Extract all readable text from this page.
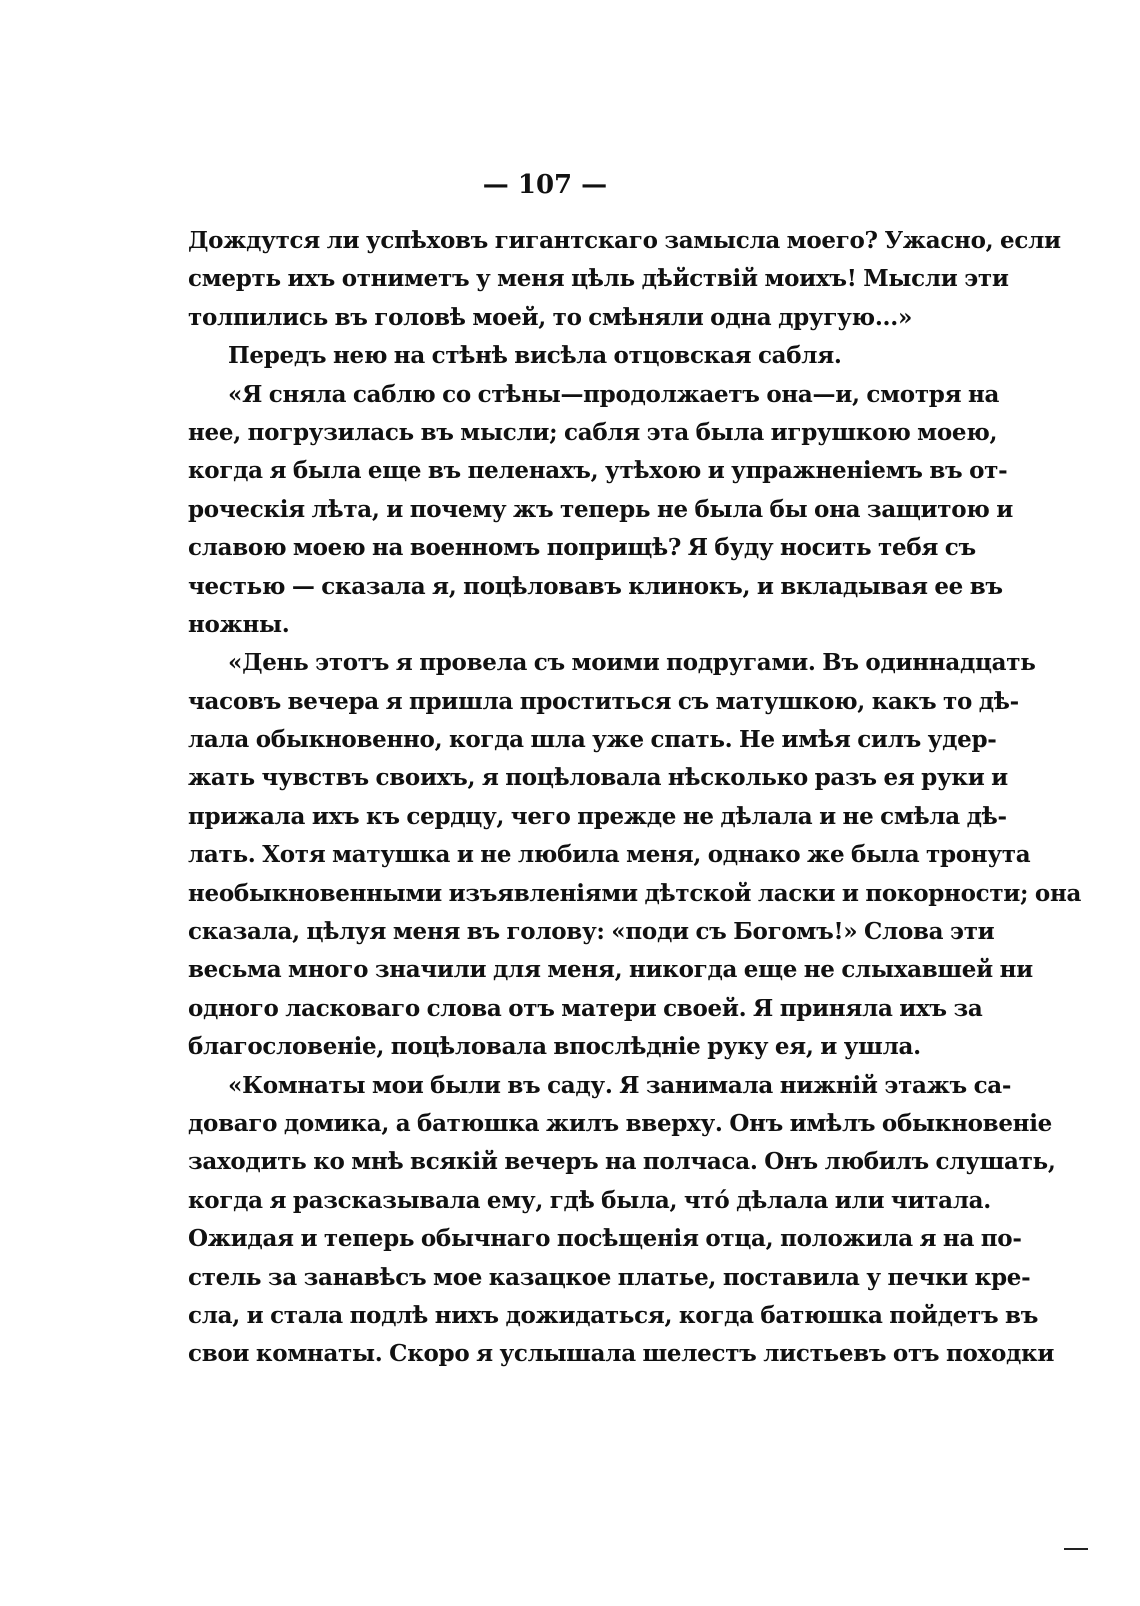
— 107 —
Дождутся ли успѣховъ гигантскаго замысла моего? Ужасно, если
смерть ихъ отниметъ у меня цѣль дѣйствій моихъ! Мысли эти
толпились въ головѣ моей, то смѣняли одна другую...»
Передъ нею на стѣнѣ висѣла отцовская сабля.
«Я сняла саблю со стѣны—продолжаетъ она—и, смотря на
нее, погрузилась въ мысли; сабля эта была игрушкою моею,
когда я была еще въ пеленахъ, утѣхою и упражненіемъ въ от-
роческія лѣта, и почему жъ теперь не была бы она защитою и
славою моею на военномъ поприщѣ? Я буду носить тебя съ
честью — сказала я, поцѣловавъ клинокъ, и вкладывая ее въ
ножны.
«День этотъ я провела съ моими подругами. Въ одиннадцать
часовъ вечера я пришла проститься съ матушкою, какъ то дѣ-
лала обыкновенно, когда шла уже спать. Не имѣя силъ удер-
жать чувствъ своихъ, я поцѣловала нѣсколько разъ ея руки и
прижала ихъ къ сердцу, чего прежде не дѣлала и не смѣла дѣ-
лать. Хотя матушка и не любила меня, однако же была тронута
необыкновенными изъявленіями дѣтской ласки и покорности; она
сказала, цѣлуя меня въ голову: «поди съ Богомъ!» Слова эти
весьма много значили для меня, никогда еще не слыхавшей ни
одного ласковаго слова отъ матери своей. Я приняла ихъ за
благословеніе, поцѣловала впослѣдніе руку ея, и ушла.
«Комнаты мои были въ саду. Я занимала нижній этажъ са-
доваго домика, а батюшка жилъ вверху. Онъ имѣлъ обыкновеніе
заходить ко мнѣ всякій вечеръ на полчаса. Онъ любилъ слушать,
когда я разсказывала ему, гдѣ была, что́ дѣлала или читала.
Ожидая и теперь обычнаго посѣщенія отца, положила я на по-
стель за занавѣсъ мое казацкое платье, поставила у печки крe-
сла, и стала подлѣ нихъ дожидаться, когда батюшка пойдетъ въ
свои комнаты. Скоро я услышала шелестъ листьевъ отъ походки
